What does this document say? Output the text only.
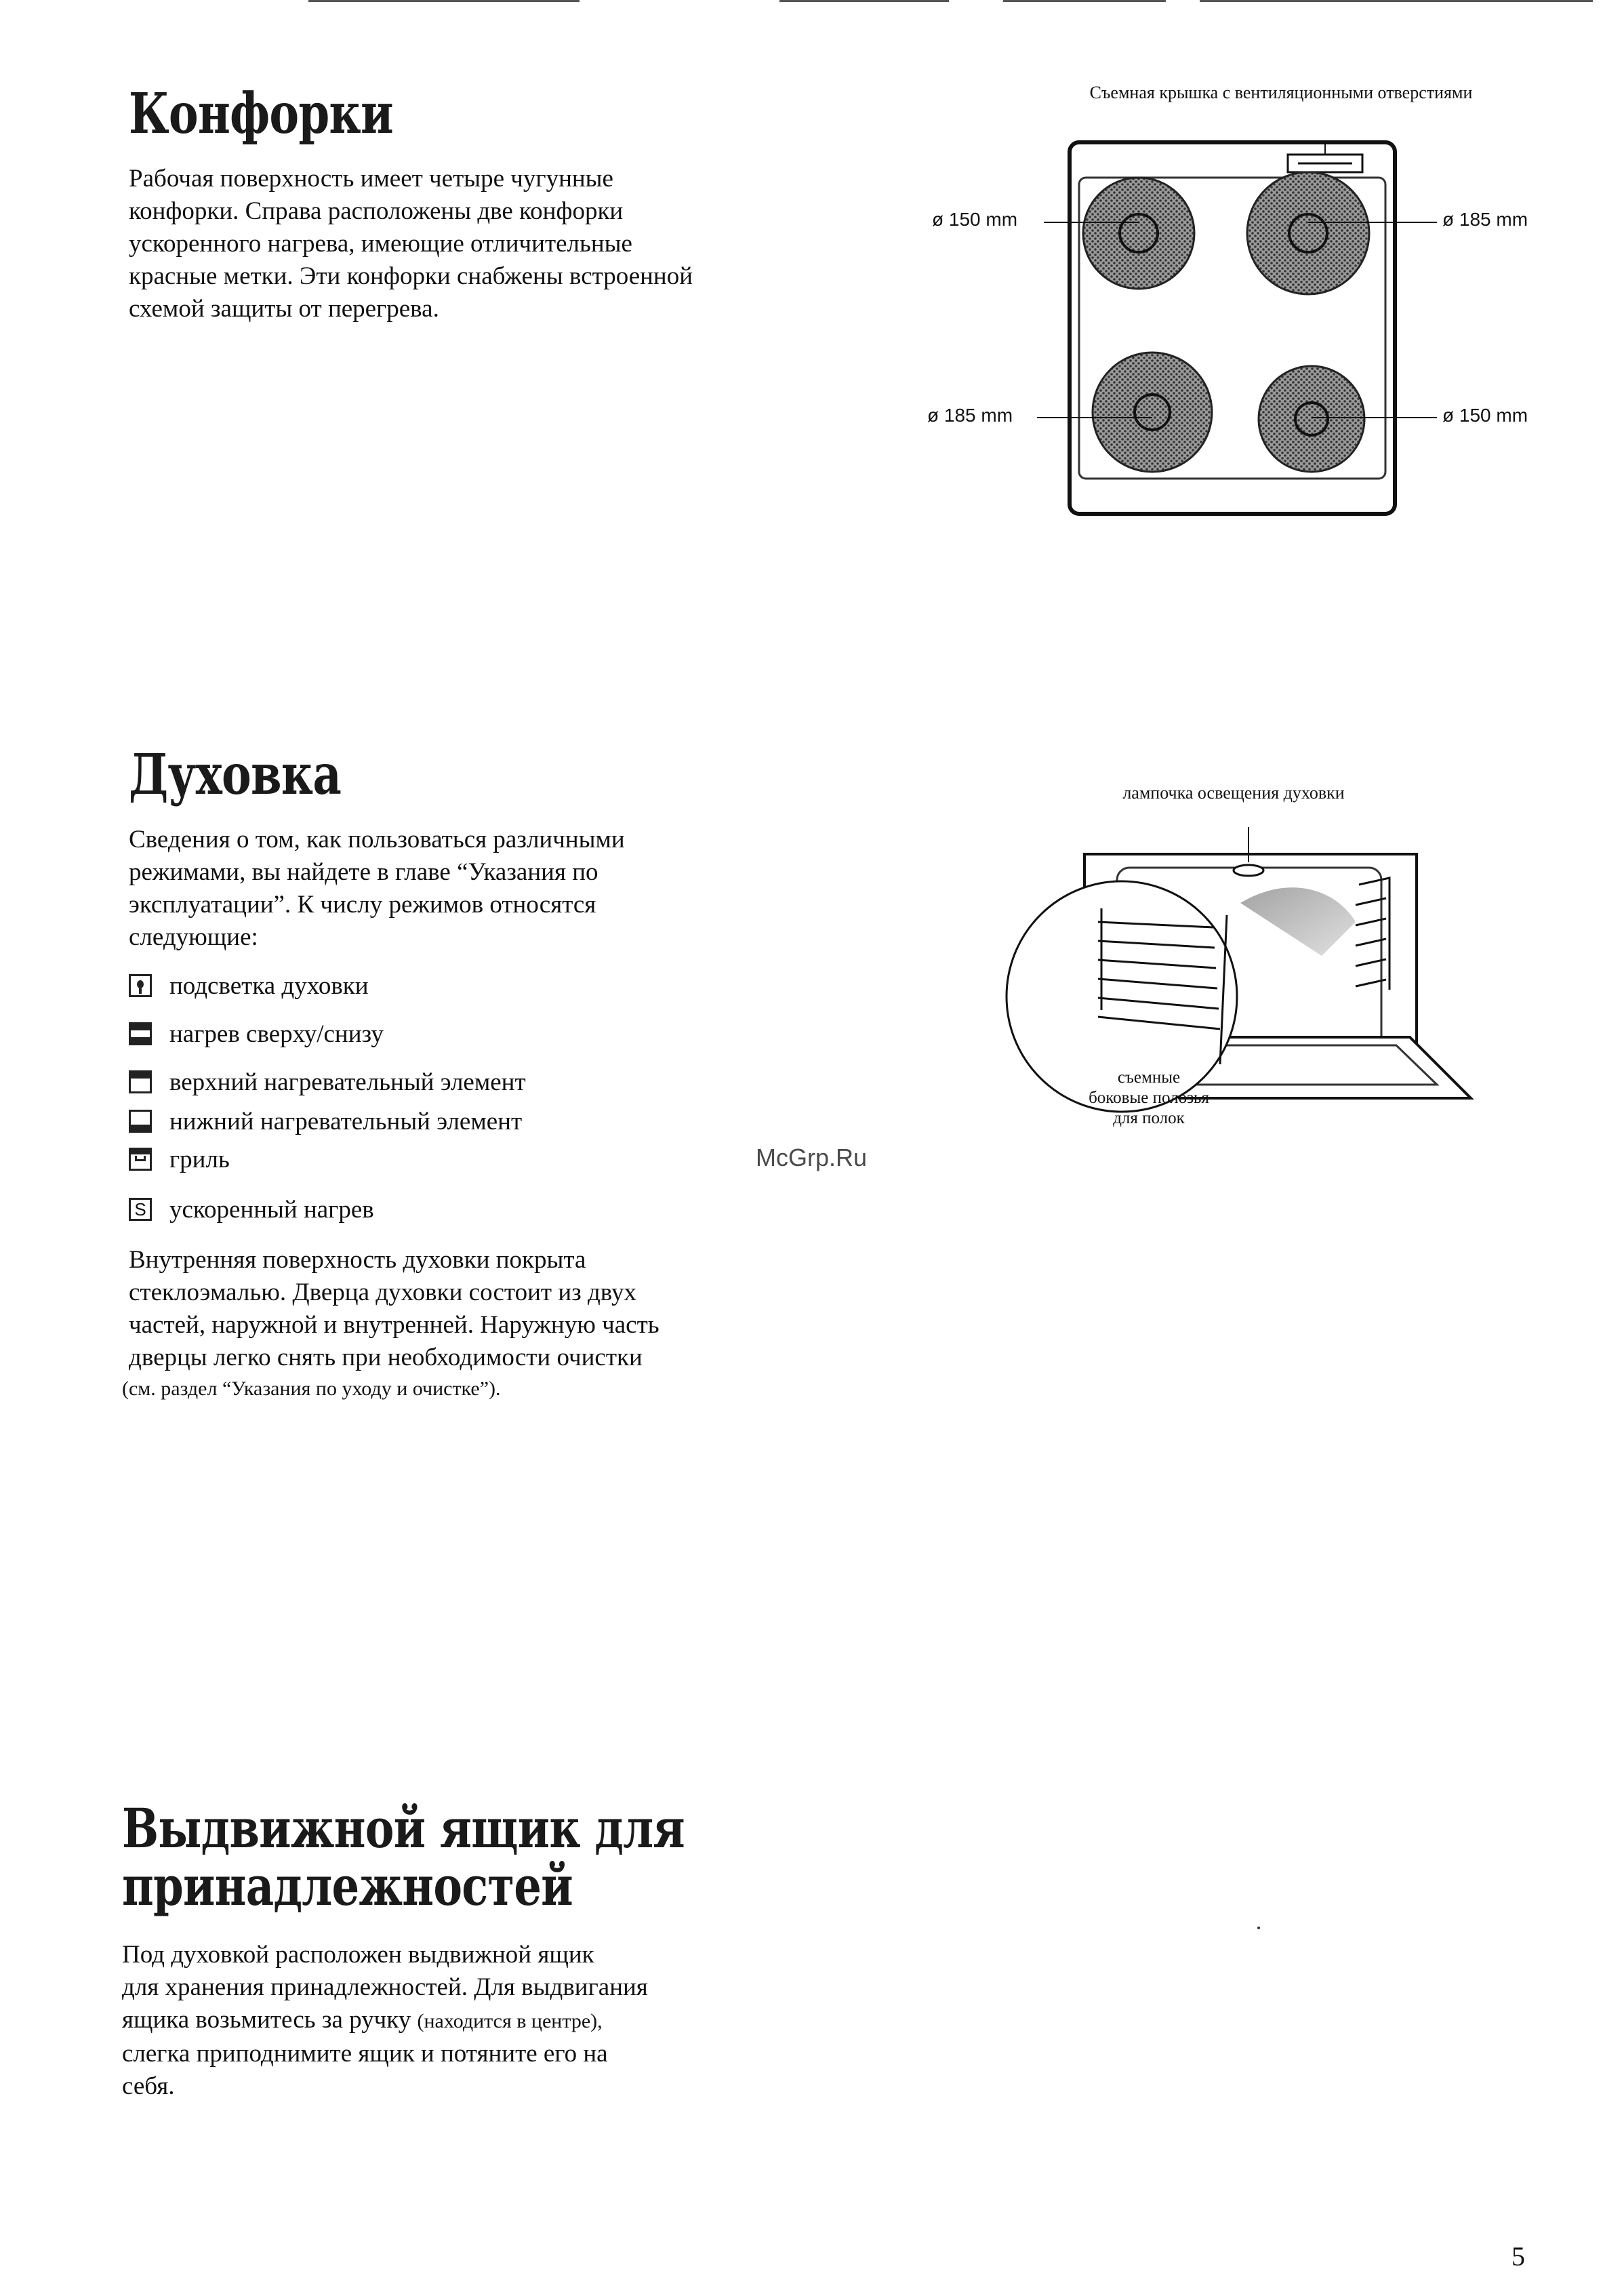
Конфорки

Рабочая поверхность имеет четыре чугунные
конфорки. Справа расположены две конфорки
ускоренного нагрева, имеющие отличительные
красные метки. Эти конфорки снабжены встроенной
схемой защиты от перегрева.

Съемная крышка с вентиляционными отверстиями
ø 150 mm	ø 185 mm
ø 185 mm	ø 150 mm
Духовка

Сведения о том, как пользоваться различными
режимами, вы найдете в главе “Указания по
эксплуатации”. К числу режимов относятся
следующие:

подсветка духовки
нагрев сверху/снизу
верхний нагревательный элемент
нижний нагревательный элемент
гриль
S ускоренный нагрев

Внутренняя поверхность духовки покрыта
стеклоэмалью. Дверца духовки состоит из двух
частей, наружной и внутренней. Наружную часть
дверцы легко снять при необходимости очистки

(см. раздел “Указания по уходу и очистке”).

лампочка освещения духовки
съемные
боковые полозья
для полок
McGrp.Ru
Выдвижной ящик для
принадлежностей

Под духовкой расположен выдвижной ящик
для хранения принадлежностей. Для выдвигания
ящика возьмитесь за ручку (находится в центре),
слегка приподнимите ящик и потяните его на
себя.

5
